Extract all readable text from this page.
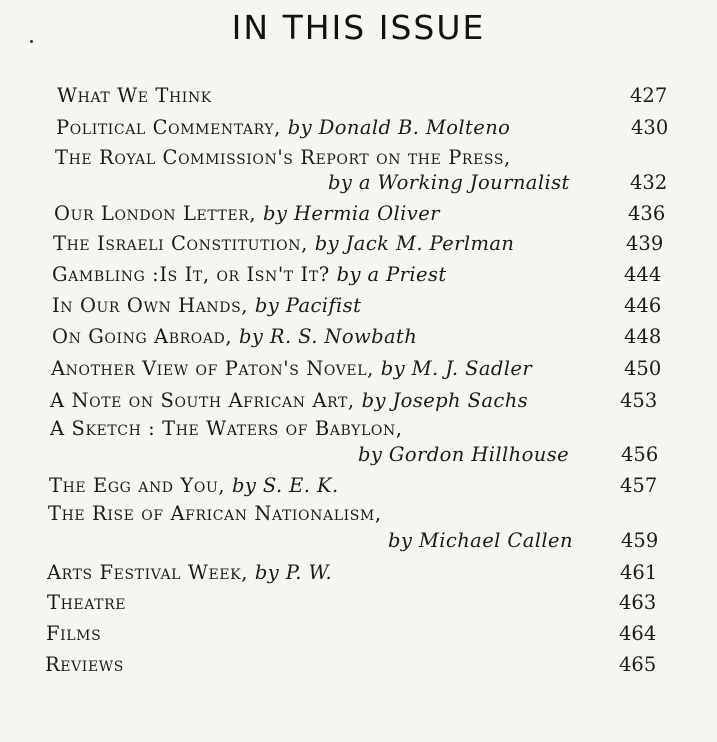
IN THIS ISSUE
What We Think	427
Political Commentary, by Donald B. Molteno	430
The Royal Commission's Report on the Press,
by a Working Journalist	432
Our London Letter, by Hermia Oliver	436
The Israeli Constitution, by Jack M. Perlman	439
Gambling :Is It, or Isn't It? by a Priest	444
In Our Own Hands, by Pacifist	446
On Going Abroad, by R. S. Nowbath	448
Another View of Paton's Novel, by M. J. Sadler	450
A Note on South African Art, by Joseph Sachs	453
A Sketch : The Waters of Babylon,
by Gordon Hillhouse	456
The Egg and You, by S. E. K.	457
The Rise of African Nationalism,
by Michael Callen 459
Arts Festival Week, by P. W.	461
Theatre	463
Films	464
Reviews	465
